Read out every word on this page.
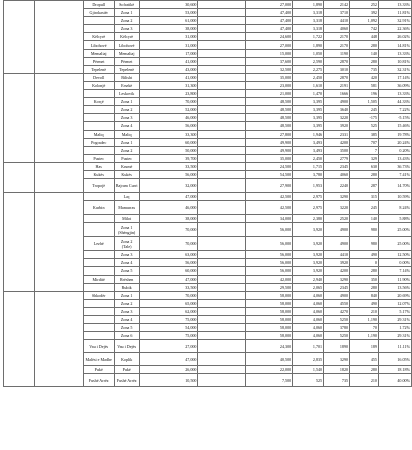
		Dropull	Sofratikë	30,600		27,000	1,890	2142	252	13.33%
		Gjirokastër	Zona 1	53,000		47,400	3,318	3710	392	11.81%
			Zona 2	61,000		47,400	3,318	4410	1,092	32.91%
			Zona 3	38,000		47,400	3,318	4060	742	22.36%
		Këlcyrë	Këlcyrë	31,000		24,600	1,722	2170	448	26.02%
		Libohovë	Libohovë	31,000		27,000	1,890	2170	280	14.81%
		Memaliaj	Memaliaj	17,000		15,000	1,050	1190	140	13.33%
		Përmet	Përmet	41,000		37,600	2,590	2870	280	10.81%
		Tepelenë	Tepelenë	43,000		32,500	2,275	3010	735	32.31%
		Devoll	Bilisht	41,000		35,000	2,450	2870	420	17.14%
		Kolonjë	Ersekë	31,300		23,000	1,610	2191	581	36.09%
			Leskovik	23,800		21,000	1,470	1666	196	13.33%
		Korçë	Zona 1	70,000		48,500	3,395	4900	1,505	44.33%
			Zona 2	52,000		48,500	3,395	3640	245	7.22%
			Zona 3	46,000		48,500	3,395	3220	-175	-5.15%
			Zona 4	56,000		48,500	3,395	3920	525	15.46%
		Maliq	Maliq	33,300		27,800	1,946	2331	385	19.78%
		Pogradec	Zona 1	60,000		49,900	3,493	4200	707	20.24%
			Zona 2	50,000		49,900	3,493	3500	7	0.20%
		Pustec	Pustec	39,700		35,000	2,450	2779	329	13.43%
		Has	Krumë	33,500		24,500	1,715	2345	630	36.73%
		Kukës	Kukës	56,000		54,500	3,780	4060	280	7.41%
		Tropojë	Bajram Curri	32,000		27,900	1,953	2240	287	14.70%
			Laç	47,000		42,500	2,975	3290	315	10.59%
		Kurbin	Mamurras	46,000		42,500	2,975	3220	245	8.24%
			Milot	38,000		34,000	2,380	2520	140	5.88%
			Zona 1 (Shëngjin)	70,000		56,000	3,920	4900	980	25.00%
		Lezhë	Zona 2 (Tale)	70,000		56,000	3,920	4900	980	25.00%
			Zona 3	63,000		56,000	3,920	4410	490	12.50%
			Zona 4	56,000		56,000	3,920	3920	0	0.00%
			Zona 5	60,000		56,000	3,920	4200	280	7.14%
		Mirditë	Rrëshen	47,000		42,000	2,940	3290	350	11.90%
			Rubik	33,500		29,500	2,065	2345	280	13.56%
		Shkodër	Zona 1	70,000		58,000	4,060	4900	840	20.69%
			Zona 2	65,000		58,000	4,060	4550	490	12.07%
			Zona 3	62,000		58,000	4,060	4270	210	5.17%
			Zona 4	75,000		58,000	4,060	5250	1,190	29.31%
			Zona 5	54,000		58,000	4,060	3780	70	1.72%
			Zona 6	75,000		58,000	4,060	5250	1,190	29.31%
		Vau i Dejës	Vau i Dejës	27,000		24,300	1,701	1890	189	11.11%
		Malësi e Madhe	Koplik	47,000		40,500	2,835	3290	455	16.05%
		Pukë	Pukë	26,000		22,000	1,540	1820	280	18.18%
		Fushë Arrëz	Fushë Arrëz	10,500		7,500	525	735	210	40.00%
